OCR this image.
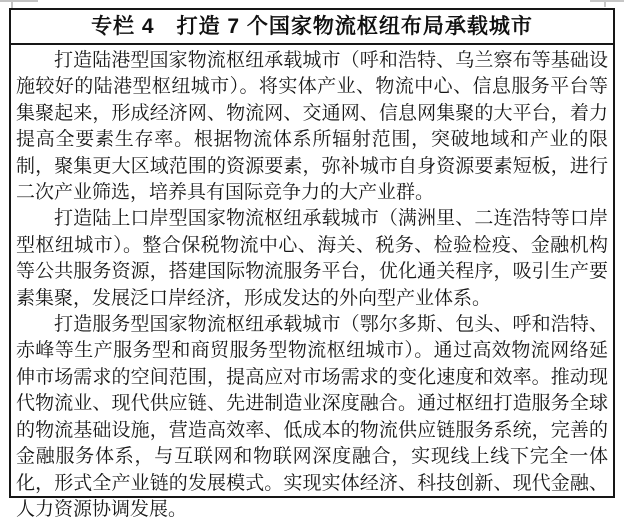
专栏 4　打造 7 个国家物流枢纽布局承载城市

打造陆港型国家物流枢纽承载城市（呼和浩特、乌兰察布等基础设施较好的陆港型枢纽城市）。将实体产业、物流中心、信息服务平台等集聚起来，形成经济网、物流网、交通网、信息网集聚的大平台，着力提高全要素生存率。根据物流体系所辐射范围，突破地域和产业的限制，聚集更大区域范围的资源要素，弥补城市自身资源要素短板，进行二次产业筛选，培养具有国际竞争力的大产业群。

打造陆上口岸型国家物流枢纽承载城市（满洲里、二连浩特等口岸型枢纽城市）。整合保税物流中心、海关、税务、检验检疫、金融机构等公共服务资源，搭建国际物流服务平台，优化通关程序，吸引生产要素集聚，发展泛口岸经济，形成发达的外向型产业体系。

打造服务型国家物流枢纽承载城市（鄂尔多斯、包头、呼和浩特、赤峰等生产服务型和商贸服务型物流枢纽城市）。通过高效物流网络延伸市场需求的空间范围，提高应对市场需求的变化速度和效率。推动现代物流业、现代供应链、先进制造业深度融合。通过枢纽打造服务全球的物流基础设施，营造高效率、低成本的物流供应链服务系统，完善的金融服务体系，与互联网和物联网深度融合，实现线上线下完全一体化，形式全产业链的发展模式。实现实体经济、科技创新、现代金融、人力资源协调发展。
